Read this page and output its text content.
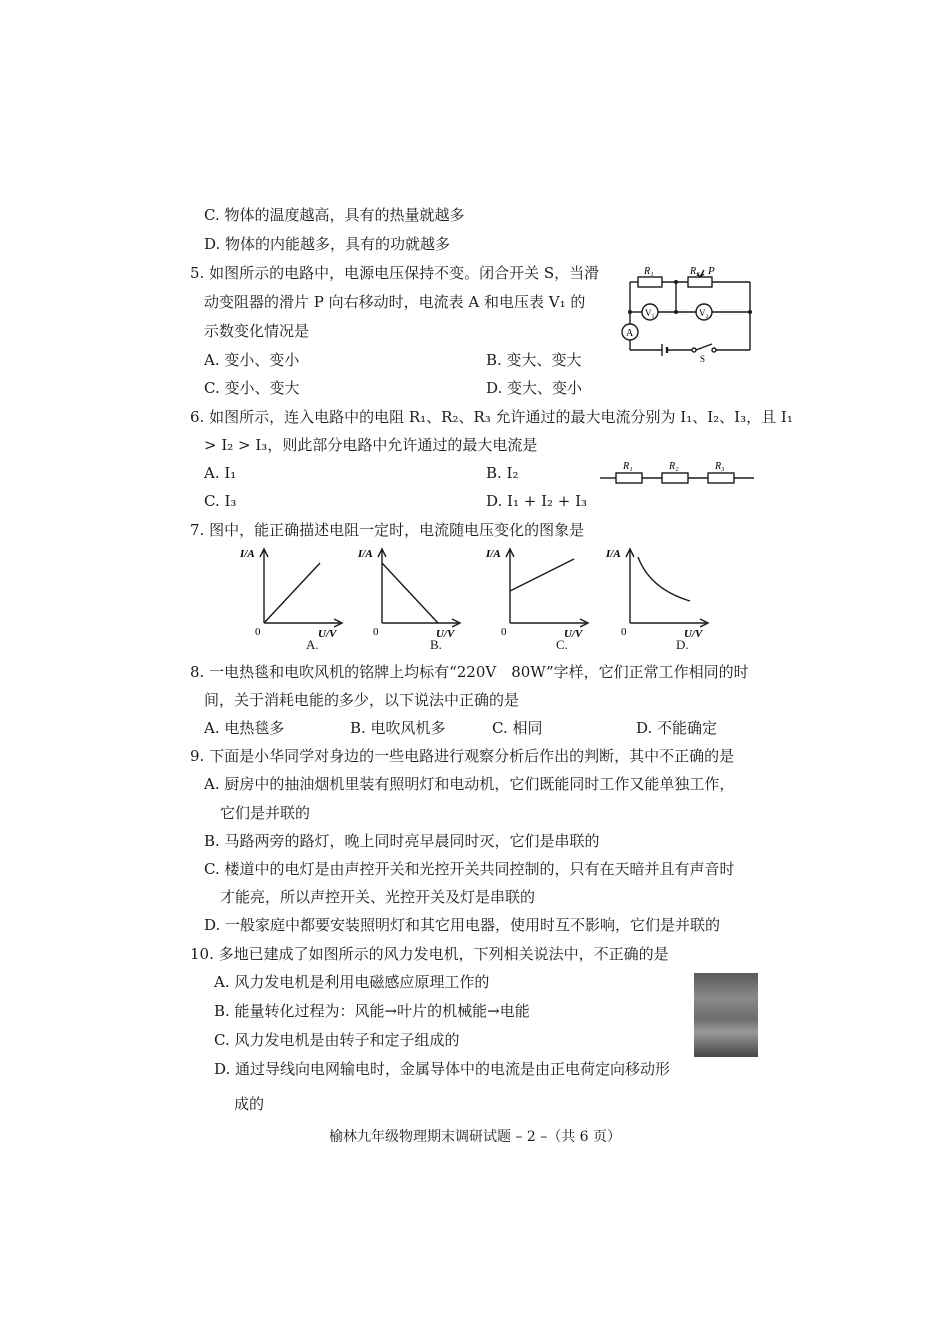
C. 物体的温度越高，具有的热量就越多
D. 物体的内能越多，具有的功就越多
5. 如图所示的电路中，电源电压保持不变。闭合开关 S，当滑
动变阻器的滑片 P 向右移动时，电流表 A 和电压表 V₁ 的
示数变化情况是
A. 变小、变小	B. 变大、变大
C. 变小、变大	D. 变大、变小
R₁	R₂ P
V₁	V₂
A
S
6. 如图所示，连入电路中的电阻 R₁、R₂、R₃ 允许通过的最大电流分别为 I₁、I₂、I₃，且 I₁
> I₂ > I₃，则此部分电路中允许通过的最大电流是
A. I₁	B. I₂
C. I₃	D. I₁ + I₂ + I₃
R₁	R₂	R₃
7. 图中，能正确描述电阻一定时，电流随电压变化的图象是
I/A
U/V
0
A.
I/A
U/V
0
B.
I/A
U/V
0
C.
I/A
U/V
0
D.
8. 一电热毯和电吹风机的铭牌上均标有“220V　80W”字样，它们正常工作相同的时
间，关于消耗电能的多少，以下说法中正确的是
A. 电热毯多	B. 电吹风机多	C. 相同	D. 不能确定
9. 下面是小华同学对身边的一些电路进行观察分析后作出的判断，其中不正确的是
A. 厨房中的抽油烟机里装有照明灯和电动机，它们既能同时工作又能单独工作，
它们是并联的
B. 马路两旁的路灯，晚上同时亮早晨同时灭，它们是串联的
C. 楼道中的电灯是由声控开关和光控开关共同控制的，只有在天暗并且有声音时
才能亮，所以声控开关、光控开关及灯是串联的
D. 一般家庭中都要安装照明灯和其它用电器，使用时互不影响，它们是并联的
10. 多地已建成了如图所示的风力发电机，下列相关说法中，不正确的是
A. 风力发电机是利用电磁感应原理工作的
B. 能量转化过程为：风能→叶片的机械能→电能
C. 风力发电机是由转子和定子组成的
D. 通过导线向电网输电时，金属导体中的电流是由正电荷定向移动形
成的
榆林九年级物理期末调研试题 – 2 –（共 6 页）
